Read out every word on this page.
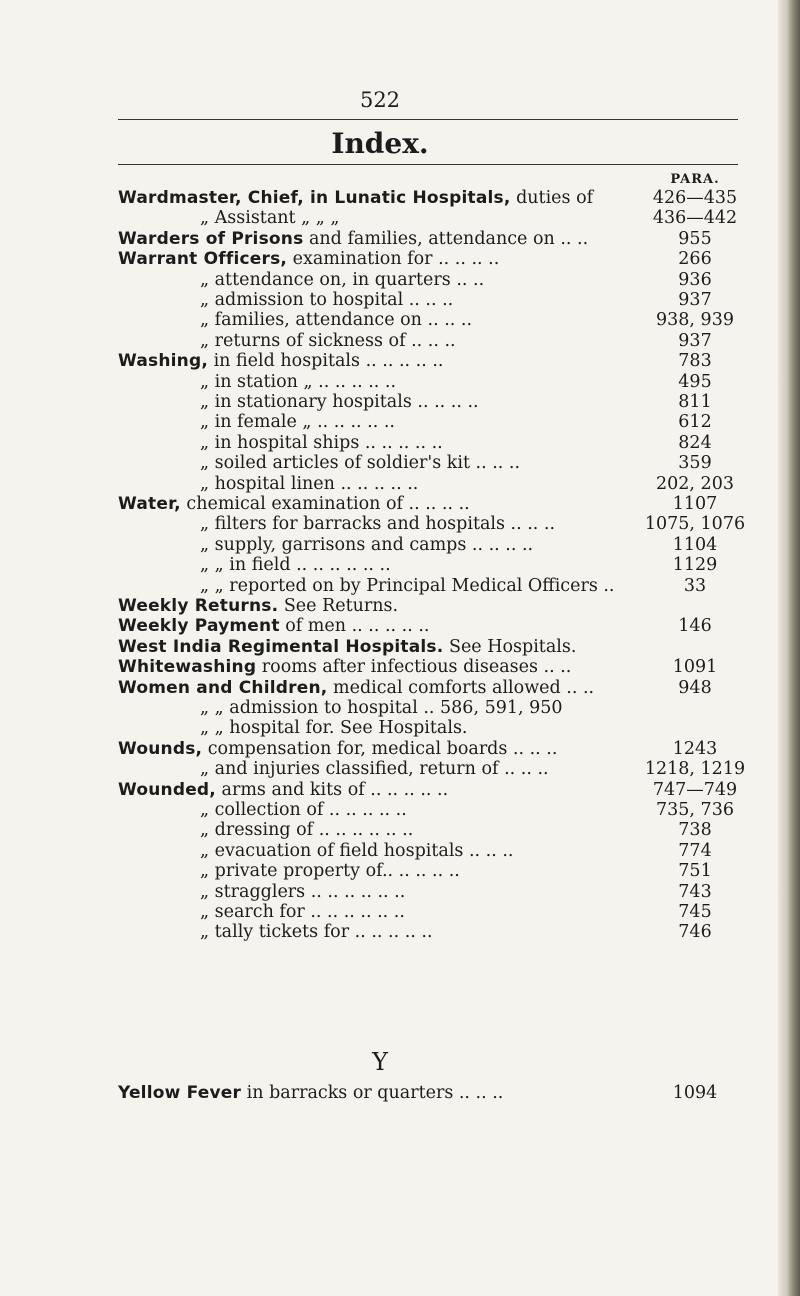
522
Index.
PARA.
Wardmaster, Chief, in Lunatic Hospitals, duties of	426—435
„ Assistant „ „ „	436—442
Warders of Prisons and families, attendance on .. ..	955
Warrant Officers, examination for .. .. .. ..	266
„ attendance on, in quarters .. ..	936
„ admission to hospital .. .. ..	937
„ families, attendance on .. .. ..	938, 939
„ returns of sickness of .. .. ..	937
Washing, in field hospitals .. .. .. .. ..	783
„ in station „ .. .. .. .. ..	495
„ in stationary hospitals .. .. .. ..	811
„ in female „ .. .. .. .. ..	612
„ in hospital ships .. .. .. .. ..	824
„ soiled articles of soldier's kit .. .. ..	359
„ hospital linen .. .. .. .. ..	202, 203
Water, chemical examination of .. .. .. ..	1107
„ filters for barracks and hospitals .. .. ..	1075, 1076
„ supply, garrisons and camps .. .. .. ..	1104
„ „ in field .. .. .. .. .. ..	1129
„ „ reported on by Principal Medical Officers ..	33
Weekly Returns. See Returns.
Weekly Payment of men .. .. .. .. ..	146
West India Regimental Hospitals. See Hospitals.
Whitewashing rooms after infectious diseases .. ..	1091
Women and Children, medical comforts allowed .. ..	948
„ „ admission to hospital .. 586, 591, 950
„ „ hospital for. See Hospitals.
Wounds, compensation for, medical boards .. .. ..	1243
„ and injuries classified, return of .. .. ..	1218, 1219
Wounded, arms and kits of .. .. .. .. ..	747—749
„ collection of .. .. .. .. ..	735, 736
„ dressing of .. .. .. .. .. ..	738
„ evacuation of field hospitals .. .. ..	774
„ private property of.. .. .. .. ..	751
„ stragglers .. .. .. .. .. ..	743
„ search for .. .. .. .. .. ..	745
„ tally tickets for .. .. .. .. ..	746
Y
Yellow Fever in barracks or quarters .. .. ..	1094
